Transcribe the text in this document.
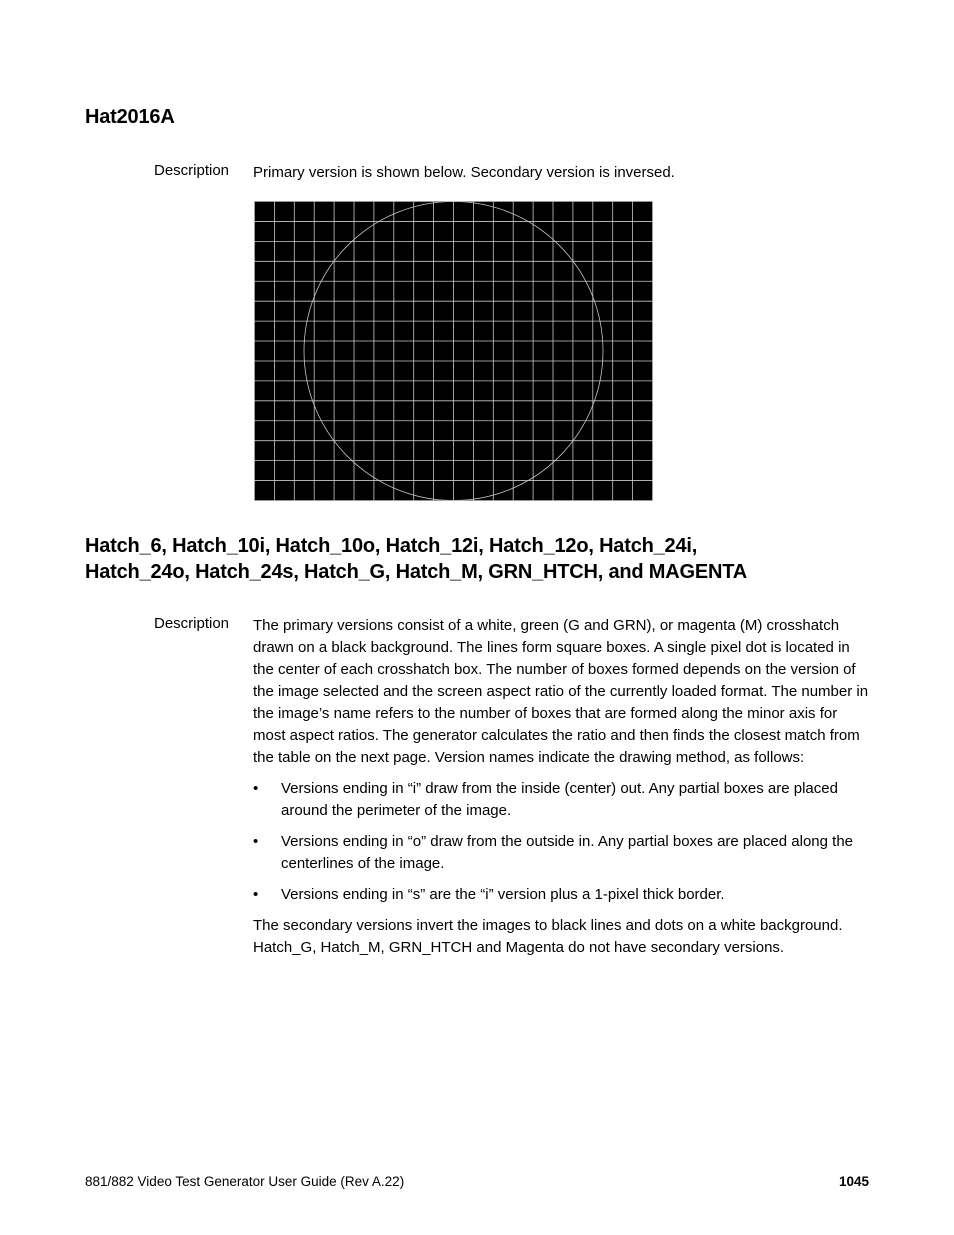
Hat2016A
Description Primary version is shown below. Secondary version is inversed.
Hatch_6, Hatch_10i, Hatch_10o, Hatch_12i, Hatch_12o, Hatch_24i,
Hatch_24o, Hatch_24s, Hatch_G, Hatch_M, GRN_HTCH, and MAGENTA
Description The primary versions consist of a white, green (G and GRN), or magenta (M) crosshatch drawn on a black background. The lines form square boxes. A single pixel dot is located in the center of each crosshatch box. The number of boxes formed depends on the version of the image selected and the screen aspect ratio of the currently loaded format. The number in the image’s name refers to the number of boxes that are formed along the minor axis for most aspect ratios. The generator calculates the ratio and then finds the closest match from the table on the next page. Version names indicate the drawing method, as follows:

• Versions ending in “i” draw from the inside (center) out. Any partial boxes are placed around the perimeter of the image.
• Versions ending in “o” draw from the outside in. Any partial boxes are placed along the centerlines of the image.
• Versions ending in “s” are the “i” version plus a 1-pixel thick border.

The secondary versions invert the images to black lines and dots on a white background. Hatch_G, Hatch_M, GRN_HTCH and Magenta do not have secondary versions.

881/882 Video Test Generator User Guide (Rev A.22)	1045
